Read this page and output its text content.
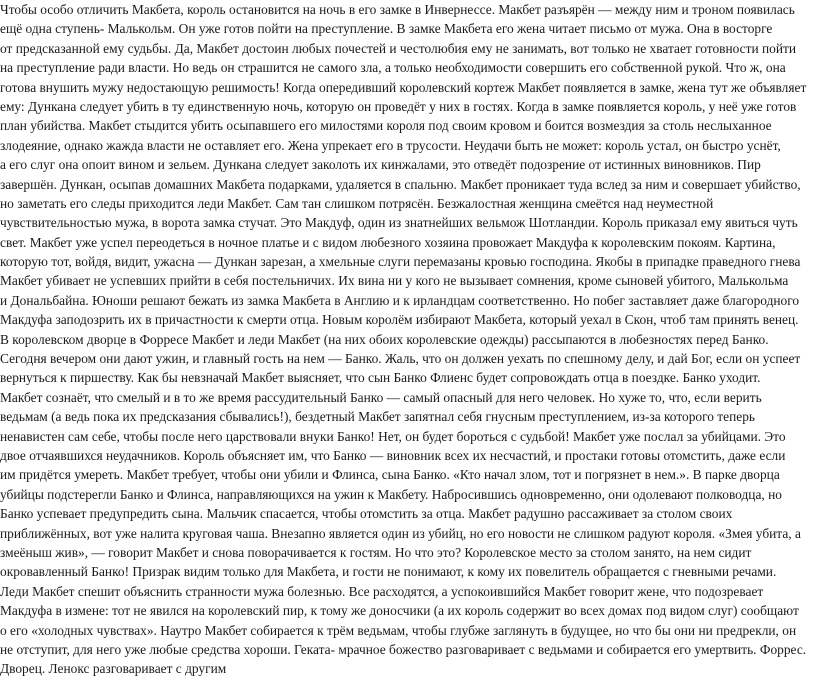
Чтобы особо отличить Макбета, король остановится на ночь в его замке в Инвернессе. Макбет разъярён — между ним и троном появилась
ещё одна ступень- Малькольм. Он уже готов пойти на преступление. В замке Макбета его жена читает письмо от мужа. Она в восторге
от предсказанной ему судьбы. Да, Макбет достоин любых почестей и честолюбия ему не занимать, вот только не хватает готовности пойти
на преступление ради власти. Но ведь он страшится не самого зла, а только необходимости совершить его собственной рукой. Что ж, она
готова внушить мужу недостающую решимость! Когда опередивший королевский кортеж Макбет появляется в замке, жена тут же объявляет
ему: Дункана следует убить в ту единственную ночь, которую он проведёт у них в гостях. Когда в замке появляется король, у неё уже готов
план убийства. Макбет стыдится убить осыпавшего его милостями короля под своим кровом и боится возмездия за столь неслыханное
злодеяние, однако жажда власти не оставляет его. Жена упрекает его в трусости. Неудачи быть не может: король устал, он быстро уснёт,
а его слуг она опоит вином и зельем. Дункана следует заколоть их кинжалами, это отведёт подозрение от истинных виновников. Пир
завершён. Дункан, осыпав домашних Макбета подарками, удаляется в спальню. Макбет проникает туда вслед за ним и совершает убийство,
но заметать его следы приходится леди Макбет. Сам тан слишком потрясён. Безжалостная женщина смеётся над неуместной
чувствительностью мужа, в ворота замка стучат. Это Макдуф, один из знатнейших вельмож Шотландии. Король приказал ему явиться чуть
свет. Макбет уже успел переодеться в ночное платье и с видом любезного хозяина провожает Макдуфа к королевским покоям. Картина,
которую тот, войдя, видит, ужасна — Дункан зарезан, а хмельные слуги перемазаны кровью господина. Якобы в припадке праведного гнева
Макбет убивает не успевших прийти в себя постельничих. Их вина ни у кого не вызывает сомнения, кроме сыновей убитого, Малькольма
и Дональбайна. Юноши решают бежать из замка Макбета в Англию и к ирландцам соответственно. Но побег заставляет даже благородного
Макдуфа заподозрить их в причастности к смерти отца. Новым королём избирают Макбета, который уехал в Скон, чтоб там принять венец.
В королевском дворце в Форресе Макбет и леди Макбет (на них обоих королевские одежды) рассыпаются в любезностях перед Банко.
Сегодня вечером они дают ужин, и главный гость на нем — Банко. Жаль, что он должен уехать по спешному делу, и дай Бог, если он успеет
вернуться к пиршеству. Как бы невзначай Макбет выясняет, что сын Банко Флиенс будет сопровождать отца в поездке. Банко уходит.
Макбет сознаёт, что смелый и в то же время рассудительный Банко — самый опасный для него человек. Но хуже то, что, если верить
ведьмам (а ведь пока их предсказания сбывались!), бездетный Макбет запятнал себя гнусным преступлением, из-за которого теперь
ненавистен сам себе, чтобы после него царствовали внуки Банко! Нет, он будет бороться с судьбой! Макбет уже послал за убийцами. Это
двое отчаявшихся неудачников. Король объясняет им, что Банко — виновник всех их несчастий, и простаки готовы отомстить, даже если
им придётся умереть. Макбет требует, чтобы они убили и Флинса, сына Банко. «Кто начал злом, тот и погрязнет в нем.». В парке дворца
убийцы подстерегли Банко и Флинса, направляющихся на ужин к Макбету. Набросившись одновременно, они одолевают полководца, но
Банко успевает предупредить сына. Мальчик спасается, чтобы отомстить за отца. Макбет радушно рассаживает за столом своих
приближённых, вот уже налита круговая чаша. Внезапно является один из убийц, но его новости не слишком радуют короля. «Змея убита, а
змеёныш жив», — говорит Макбет и снова поворачивается к гостям. Но что это? Королевское место за столом занято, на нем сидит
окровавленный Банко! Призрак видим только для Макбета, и гости не понимают, к кому их повелитель обращается с гневными речами.
Леди Макбет спешит объяснить странности мужа болезнью. Все расходятся, а успокоившийся Макбет говорит жене, что подозревает
Макдуфа в измене: тот не явился на королевский пир, к тому же доносчики (а их король содержит во всех домах под видом слуг) сообщают
о его «холодных чувствах». Наутро Макбет собирается к трём ведьмам, чтобы глубже заглянуть в будущее, но что бы они ни предрекли, он
не отступит, для него уже любые средства хороши. Геката- мрачное божество разговаривает с ведьмами и собирается его умертвить. Форрес.
Дворец. Ленокс разговаривает с другим
